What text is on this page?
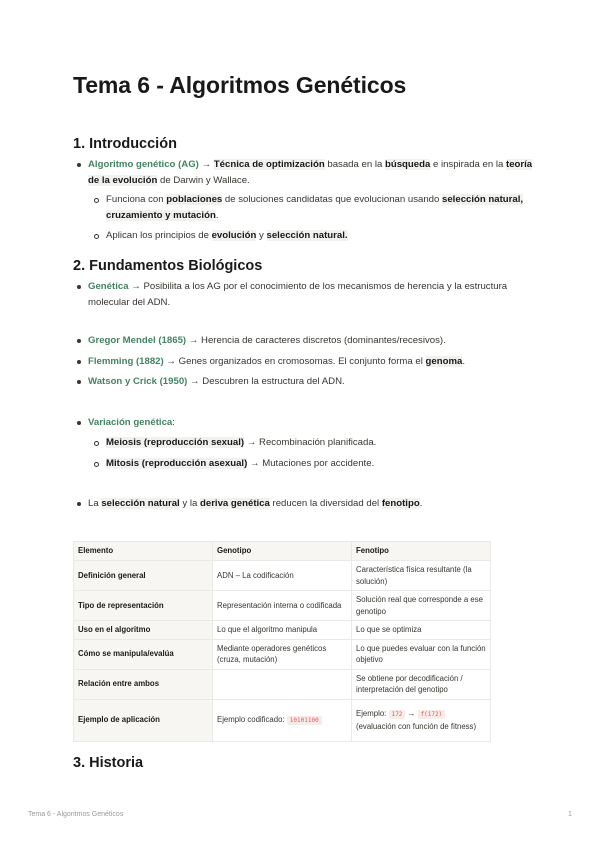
Tema 6 - Algoritmos Genéticos
1. Introducción
Algoritmo genético (AG) → Técnica de optimización basada en la búsqueda e inspirada en la teoría de la evolución de Darwin y Wallace.
Funciona con poblaciones de soluciones candidatas que evolucionan usando selección natural, cruzamiento y mutación.
Aplican los principios de evolución y selección natural.
2. Fundamentos Biológicos
Genética → Posibilita a los AG por el conocimiento de los mecanismos de herencia y la estructura molecular del ADN.
Gregor Mendel (1865) → Herencia de caracteres discretos (dominantes/recesivos).
Flemming (1882) → Genes organizados en cromosomas. El conjunto forma el genoma.
Watson y Crick (1950) → Descubren la estructura del ADN.
Variación genética:
Meiosis (reproducción sexual) → Recombinación planificada.
Mitosis (reproducción asexual) → Mutaciones por accidente.
La selección natural y la deriva genética reducen la diversidad del fenotipo.
Elemento	Genotipo	Fenotipo
Definición general	ADN – La codificación	Característica física resultante (la solución)
Tipo de representación	Representación interna o codificada	Solución real que corresponde a ese genotipo
Uso en el algoritmo	Lo que el algoritmo manipula	Lo que se optimiza
Cómo se manipula/evalúa	Mediante operadores genéticos (cruza, mutación)	Lo que puedes evaluar con la función objetivo
Relación entre ambos		Se obtiene por decodificación / interpretación del genotipo
Ejemplo de aplicación	Ejemplo codificado: 10101100	Ejemplo: 172 → f(172)
(evaluación con función de fitness)
3. Historia
Tema 6 - Algoritmos Genéticos	1
